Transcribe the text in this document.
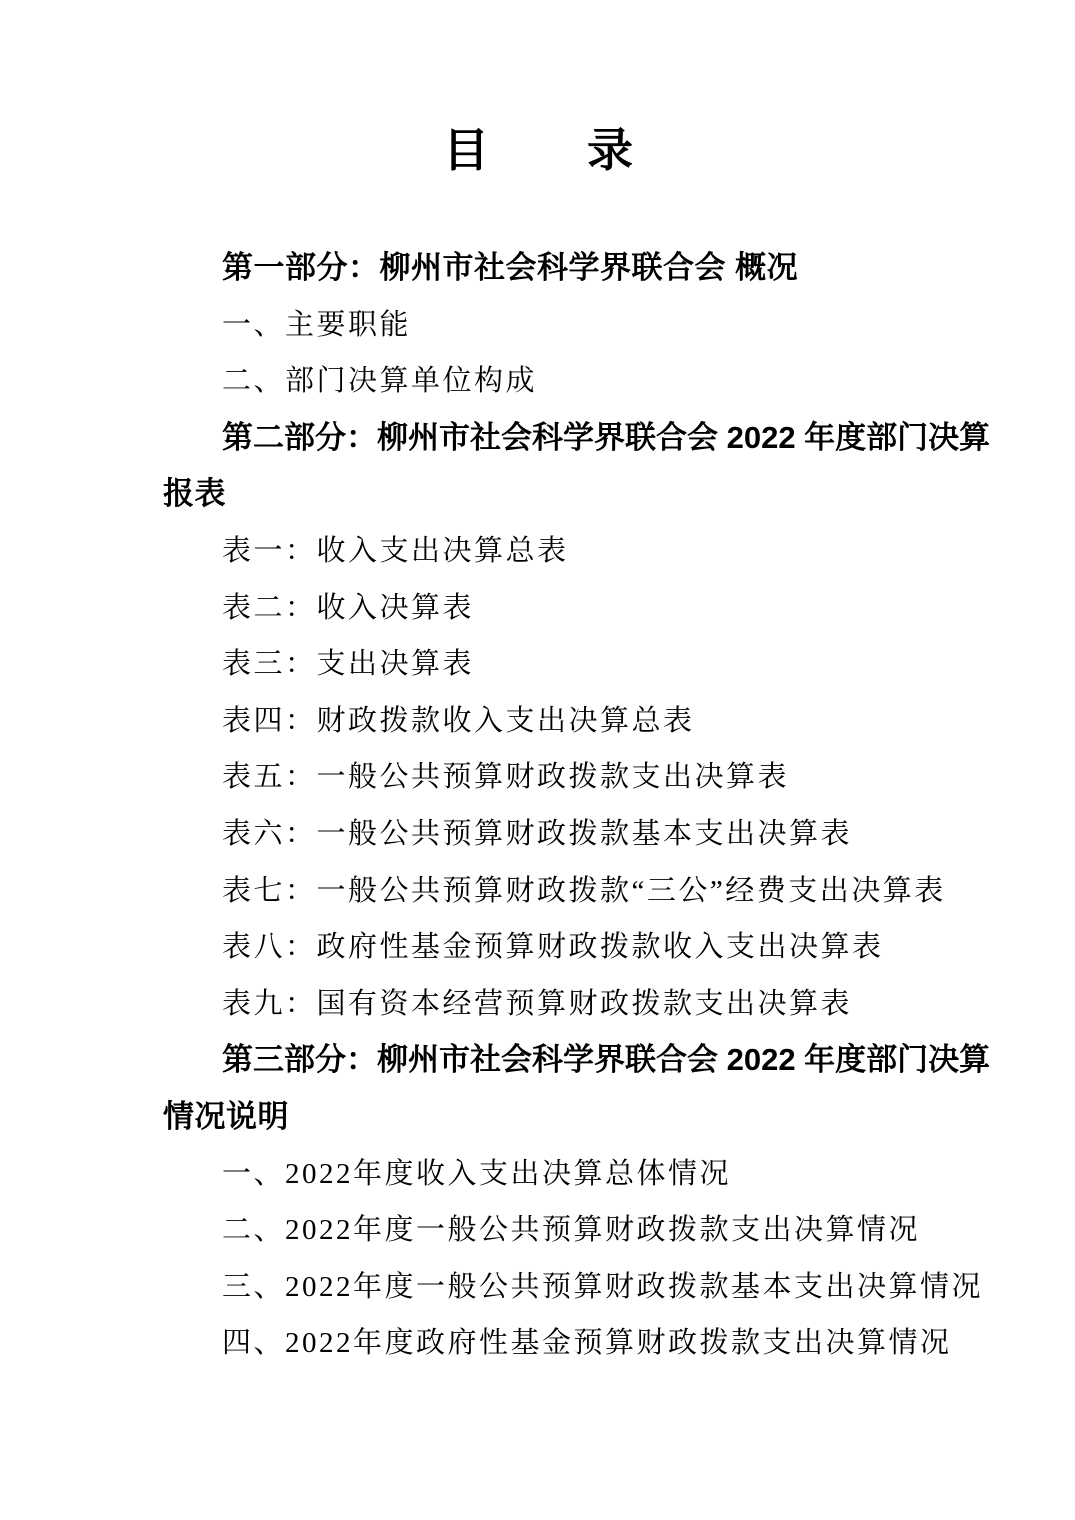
目　　录
第一部分：柳州市社会科学界联合会 概况
一、主要职能
二、部门决算单位构成
第二部分：柳州市社会科学界联合会 2022 年度部门决算
报表
表一：收入支出决算总表
表二：收入决算表
表三：支出决算表
表四：财政拨款收入支出决算总表
表五：一般公共预算财政拨款支出决算表
表六：一般公共预算财政拨款基本支出决算表
表七：一般公共预算财政拨款“三公”经费支出决算表
表八：政府性基金预算财政拨款收入支出决算表
表九：国有资本经营预算财政拨款支出决算表
第三部分：柳州市社会科学界联合会 2022 年度部门决算
情况说明
一、2022年度收入支出决算总体情况
二、2022年度一般公共预算财政拨款支出决算情况
三、2022年度一般公共预算财政拨款基本支出决算情况
四、2022年度政府性基金预算财政拨款支出决算情况
